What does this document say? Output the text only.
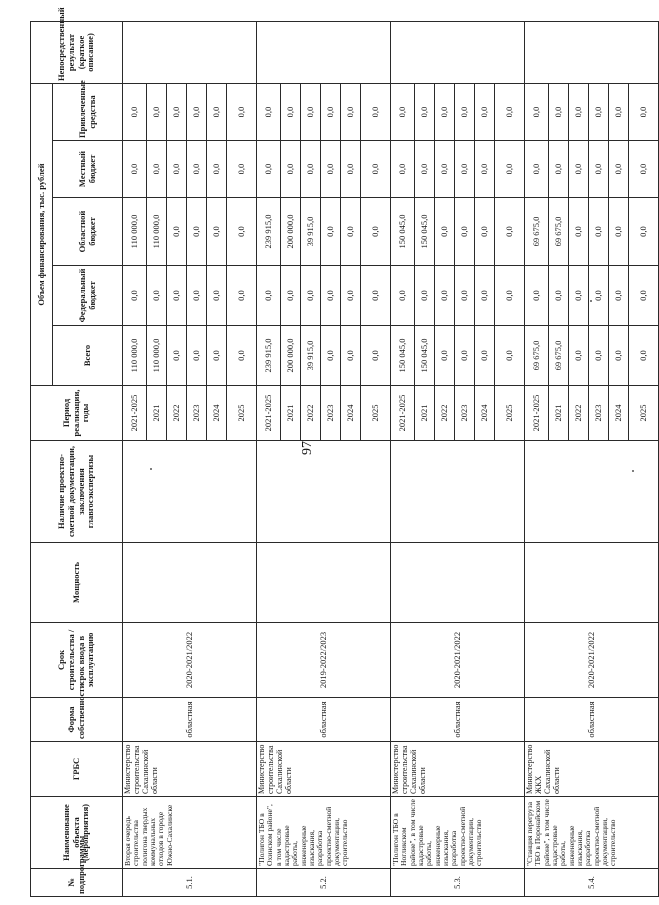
97
№ подпрограммы	Наименование объекта (мероприятия)	ГРБС	Форма собственности	Срок строительства / срок ввода в эксплуатацию	Мощность	Наличие проектно-сметной документации, заключения главгосэкспертизы	Период реализации, годы	Объем финансирования, тыс. рублей					Непосредственный результат (краткое описание)
								Всего	Федеральный бюджет	Областной бюджет	Местный бюджет	Привлеченные средства	
5.1.	Вторая очередь строительства полигона твердых коммунальных отходов в городе Южно-Сахалинске	Министерство строительства Сахалинской области	областная	2020-2021/2022			2021-2025	110 000,0	0,0	110 000,0	0,0	0,0	
							2021	110 000,0	0,0	110 000,0	0,0	0,0	
							2022	0,0	0,0	0,0	0,0	0,0	
							2023	0,0	0,0	0,0	0,0	0,0	
							2024	0,0	0,0	0,0	0,0	0,0	
							2025	0,0	0,0	0,0	0,0	0,0	
5.2.	"Полигон ТБО в Охинском районе", в том числе кадастровые работы, инженерные изыскания, разработка проектно-сметной документации, строительство	Министерство строительства Сахалинской области	областная	2019-2022/2023			2021-2025	239 915,0	0,0	239 915,0	0,0	0,0	
							2021	200 000,0	0,0	200 000,0	0,0	0,0	
							2022	39 915,0	0,0	39 915,0	0,0	0,0	
							2023	0,0	0,0	0,0	0,0	0,0	
							2024	0,0	0,0	0,0	0,0	0,0	
							2025	0,0	0,0	0,0	0,0	0,0	
5.3.	"Полигон ТБО в Ногликском районе", в том числе кадастровые работы, инженерные изыскания, разработка проектно-сметной документации, строительство	Министерство строительства Сахалинской области	областная	2020-2021/2022			2021-2025	150 045,0	0,0	150 045,0	0,0	0,0	
							2021	150 045,0	0,0	150 045,0	0,0	0,0	
							2022	0,0	0,0	0,0	0,0	0,0	
							2023	0,0	0,0	0,0	0,0	0,0	
							2024	0,0	0,0	0,0	0,0	0,0	
							2025	0,0	0,0	0,0	0,0	0,0	
5.4.	"Станция перегруза ТБО в Поронайском районе", в том числе кадастровые работы, инженерные изыскания, разработка проектно-сметной документации, строительство	Министерство ЖКХ Сахалинской области	областная	2020-2021/2022			2021-2025	69 675,0	0,0	69 675,0	0,0	0,0	
							2021	69 675,0	0,0	69 675,0	0,0	0,0	
							2022	0,0	0,0	0,0	0,0	0,0	
							2023	0,0	0,0	0,0	0,0	0,0	
							2024	0,0	0,0	0,0	0,0	0,0	
							2025	0,0	0,0	0,0	0,0	0,0	
